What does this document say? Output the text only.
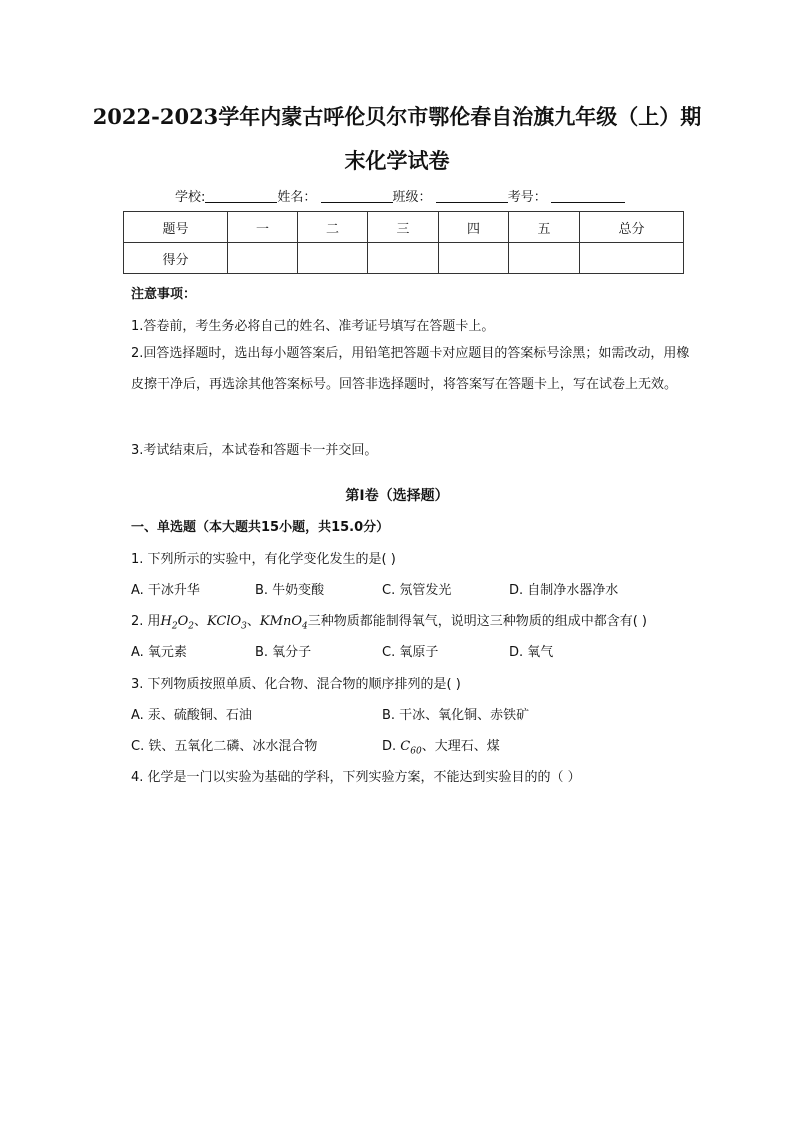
2022-2023学年内蒙古呼伦贝尔市鄂伦春自治旗九年级（上）期
末化学试卷
学校:	姓名：	班级：	考号：
题号	一	二	三	四	五	总分
得分						
注意事项：
1.答卷前，考生务必将自己的姓名、准考证号填写在答题卡上。
2.回答选择题时，选出每小题答案后，用铅笔把答题卡对应题目的答案标号涂黑；如需改动，用橡皮擦干净后，再选涂其他答案标号。回答非选择题时，将答案写在答题卡上，写在试卷上无效。
3.考试结束后，本试卷和答题卡一并交回。
第I卷（选择题）
一、单选题（本大题共15小题，共15.0分）
1. 下列所示的实验中，有化学变化发生的是( )
A. 干冰升华	B. 牛奶变酸	C. 氖管发光	D. 自制净水器净水
2. 用$H_2O_2$、KClO$_3$、KMnO$_4$三种物质都能制得氧气，说明这三种物质的组成中都含有( )
A. 氧元素	B. 氧分子	C. 氧原子	D. 氧气
3. 下列物质按照单质、化合物、混合物的顺序排列的是( )
A. 汞、硫酸铜、石油	B. 干冰、氧化铜、赤铁矿
C. 铁、五氧化二磷、冰水混合物	D. $C_{60}$、大理石、煤
4. 化学是一门以实验为基础的学科，下列实验方案，不能达到实验目的的（ ）
